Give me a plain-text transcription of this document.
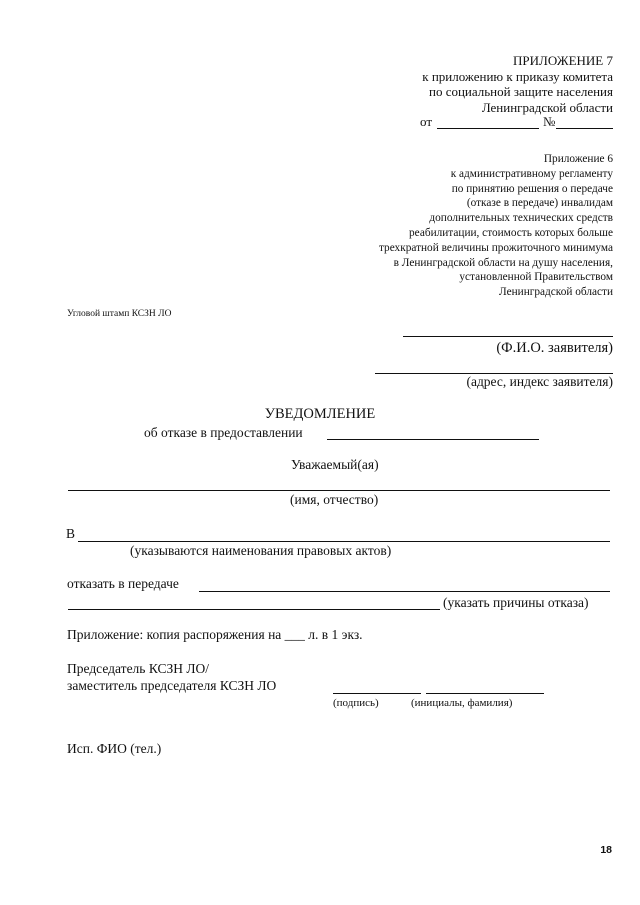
ПРИЛОЖЕНИЕ 7
к приложению к приказу комитета
по социальной защите населения
Ленинградской области
от	№
Приложение 6
к административному регламенту
по принятию решения о передаче
(отказе в передаче) инвалидам
дополнительных технических средств
реабилитации, стоимость которых больше
трехкратной величины прожиточного минимума
в Ленинградской области на душу населения,
установленной Правительством
Ленинградской области
Угловой штамп КСЗН ЛО
(Ф.И.О. заявителя)
(адрес, индекс заявителя)
УВЕДОМЛЕНИЕ
об отказе в предоставлении
Уважаемый(ая)
(имя, отчество)
В
(указываются наименования правовых актов)
отказать в передаче
(указать причины отказа)
Приложение: копия распоряжения на ___ л. в 1 экз.
Председатель КСЗН ЛО/
заместитель председателя КСЗН ЛО
(подпись)	(инициалы, фамилия)
Исп. ФИО (тел.)
18
